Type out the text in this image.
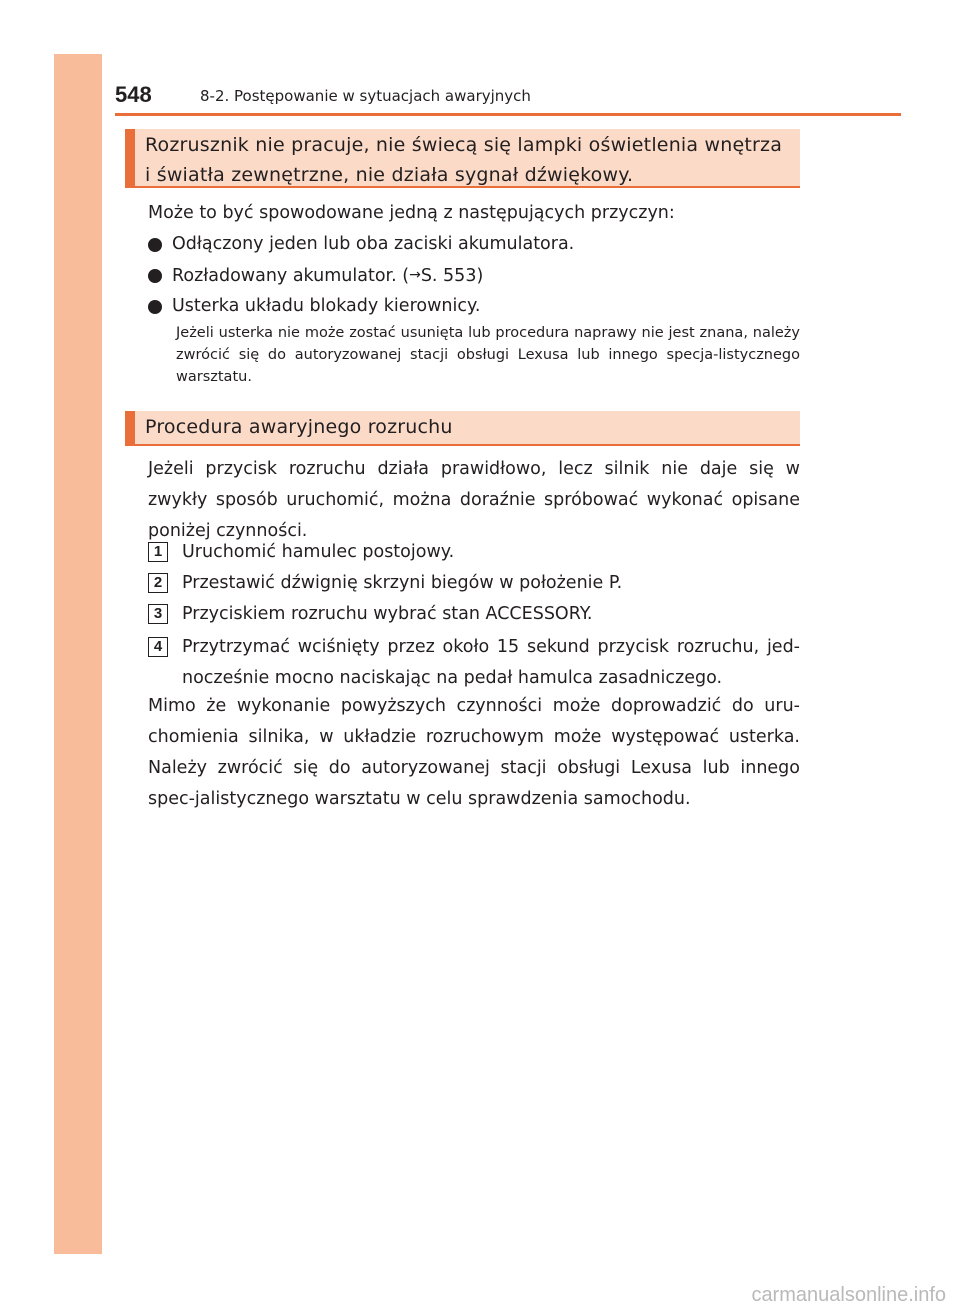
548	8-2. Postępowanie w sytuacjach awaryjnych
Rozrusznik nie pracuje, nie świecą się lampki oświetlenia wnętrza
i światła zewnętrzne, nie działa sygnał dźwiękowy.
Może to być spowodowane jedną z następujących przyczyn:
Odłączony jeden lub oba zaciski akumulatora.
Rozładowany akumulator. (→S. 553)
Usterka układu blokady kierownicy.
Jeżeli usterka nie może zostać usunięta lub procedura naprawy nie jest znana, należy zwrócić się do autoryzowanej stacji obsługi Lexusa lub innego specja-listycznego warsztatu.
Procedura awaryjnego rozruchu
Jeżeli przycisk rozruchu działa prawidłowo, lecz silnik nie daje się w zwykły sposób uruchomić, można doraźnie spróbować wykonać opisane poniżej czynności.
1	Uruchomić hamulec postojowy.
2	Przestawić dźwignię skrzyni biegów w położenie P.
3	Przyciskiem rozruchu wybrać stan ACCESSORY.
4	Przytrzymać wciśnięty przez około 15 sekund przycisk rozruchu, jed-nocześnie mocno naciskając na pedał hamulca zasadniczego.
Mimo że wykonanie powyższych czynności może doprowadzić do uru-chomienia silnika, w układzie rozruchowym może występować usterka. Należy zwrócić się do autoryzowanej stacji obsługi Lexusa lub innego spec-jalistycznego warsztatu w celu sprawdzenia samochodu.
carmanualsonline.info
